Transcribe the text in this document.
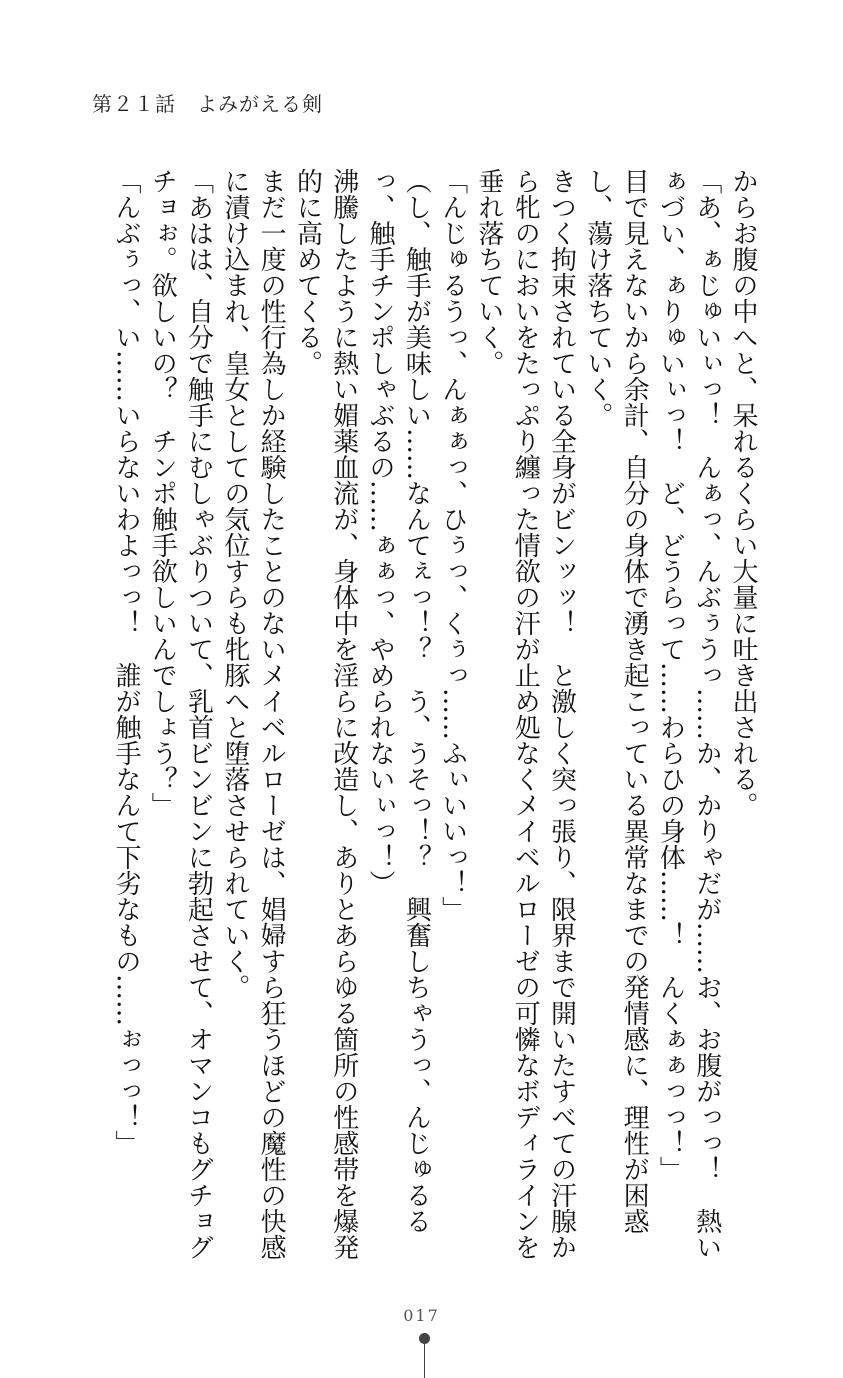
第２１話　よみがえる剣

からお腹の中へと、呆れるくらい大量に吐き出される。

「あ、ぁじゅいぃっ！　んぁっ、んぶぅうっ……か、かりゃだが……お、お腹がっっ！　熱いぁづい、ぁりゅいぃっ！　ど、どうらって……わらひの身体……！　んくぁぁっっ！」

目で見えないから余計、自分の身体で湧き起こっている異常なまでの発情感に、理性が困惑し、蕩け落ちていく。

きつく拘束されている全身がビンッッ！　と激しく突っ張り、限界まで開いたすべての汗腺から牝のにおいをたっぷり纏った情欲の汗が止め処なくメイベルローゼの可憐なボディラインを垂れ落ちていく。

「んじゅるうっ、んぁぁっ、ひぅっ、くぅっ……ふぃいいっ！」

（し、触手が美味しい……なんてぇっ！？　う、うそっ！？　興奮しちゃうっ、んじゅるるっ、触手チンポしゃぶるの……ぁぁっ、やめられないぃっ！）

沸騰したように熱い媚薬血流が、身体中を淫らに改造し、ありとあらゆる箇所の性感帯を爆発的に高めてくる。

まだ一度の性行為しか経験したことのないメイベルローゼは、娼婦すら狂うほどの魔性の快感に漬け込まれ、皇女としての気位すらも牝豚へと堕落させられていく。

「あはは、自分で触手にむしゃぶりついて、乳首ビンビンに勃起させて、オマンコもグチョグチョぉ。欲しいの？　チンポ触手欲しいんでしょう？」

「んぶぅっ、い……いらないわよっっ！　誰が触手なんて下劣なもの……ぉっっ！」

017
